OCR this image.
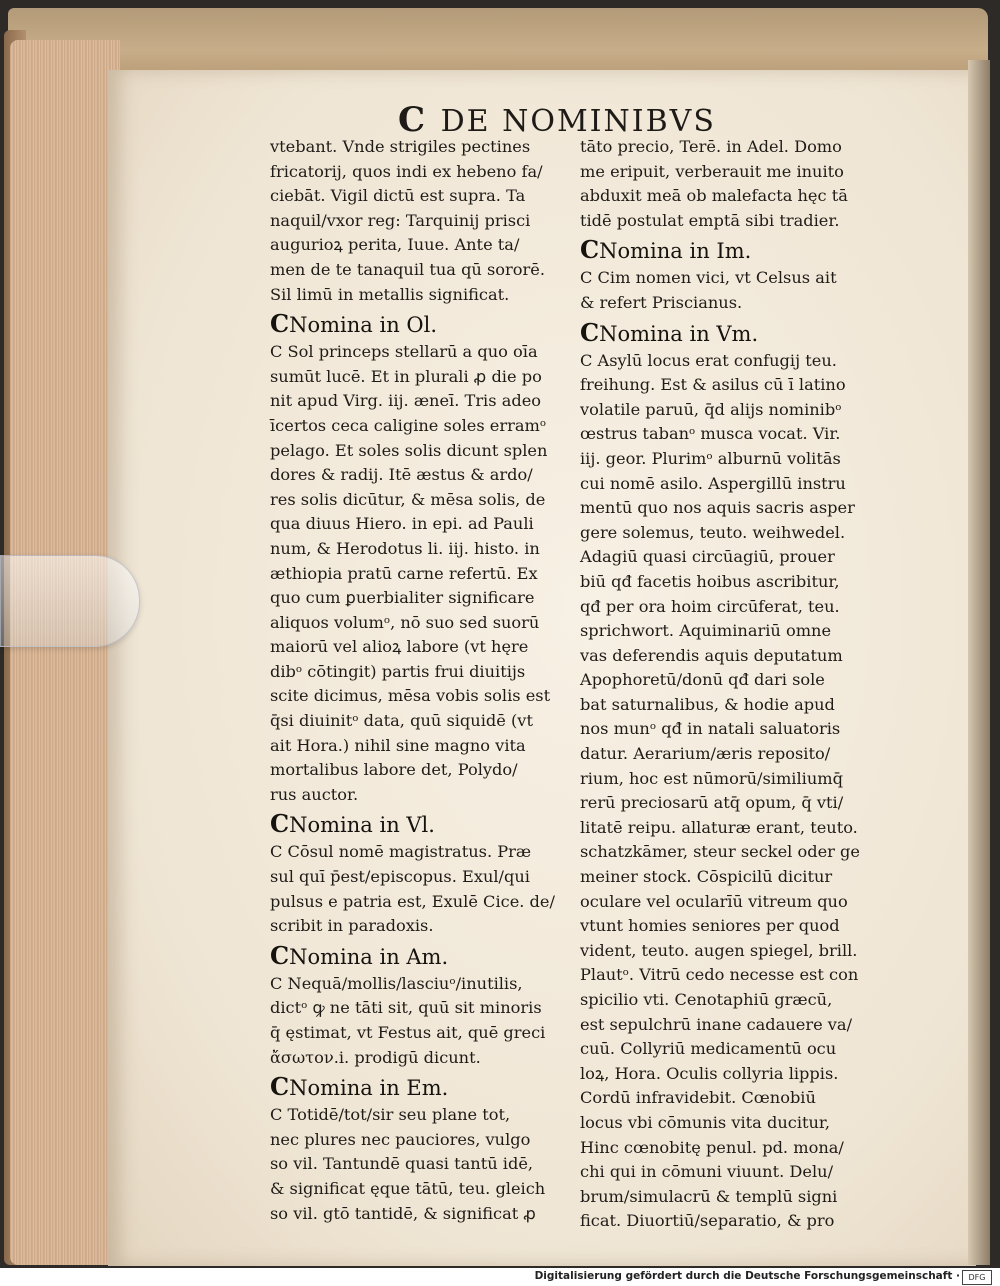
C DE NOMINIBVS
vtebant. Vnde strigiles pectines
fricatorij, quos indi ex hebeno fa/
ciebāt. Vigil dictū est supra. Ta
naquil/vxor reg: Tarquinij prisci
augurioꝝ perita, Iuue. Ante ta/
men de te tanaquil tua qū sororē.
Sil limū in metallis significat.
CNomina in Ol.
C Sol princeps stellarū a quo oīa
sumūt lucē. Et in plurali ꝓ die po
nit apud Virg. iij. æneī. Tris adeo
īcertos ceca caligine soles erramᵒ
pelago. Et soles solis dicunt splen
dores & radij. Itē æstus & ardo/
res solis dicūtur, & mēsa solis, de
qua diuus Hiero. in epi. ad Pauli
num, & Herodotus li. iij. histo. in
æthiopia pratū carne refertū. Ex
quo cum ꝑuerbialiter significare
aliquos volumᵒ, nō suo sed suorū
maiorū vel alioꝝ labore (vt hęre
dibᵒ cōtingit) partis frui diuitijs
scite dicimus, mēsa vobis solis est
q̄si diuinitᵒ data, quū siquidē (vt
ait Hora.) nihil sine magno vita
mortalibus labore det, Polydo/
rus auctor.
CNomina in Vl.
C Cōsul nomē magistratus. Præ
sul quī p̄est/episcopus. Exul/qui
pulsus e patria est, Exulē Cice. de/
scribit in paradoxis.
CNomina in Am.
C Nequā/mollis/lasciuᵒ/inutilis,
dictᵒ ꝙ ne tāti sit, quū sit minoris
q̄ ęstimat, vt Festus ait, quē greci
ἄσωτον.i. prodigū dicunt.
CNomina in Em.
C Totidē/tot/sir seu plane tot,
nec plures nec pauciores, vulgo
so vil. Tantundē quasi tantū idē,
& significat ęque tātū, teu. gleich
so vil. gtō tantidē, & significat ꝓ
tāto precio, Terē. in Adel. Domo
me eripuit, verberauit me inuito
abduxit meā ob malefacta hęc tā
tidē postulat emptā sibi tradier.
CNomina in Im.
C Cim nomen vici, vt Celsus ait
& refert Priscianus.
CNomina in Vm.
C Asylū locus erat confugij teu.
freihung. Est & asilus cū ī latino
volatile paruū, q̄d alijs nominibᵒ
œstrus tabanᵒ musca vocat. Vir.
iij. geor. Plurimᵒ alburnū volitās
cui nomē asilo. Aspergillū instru
mentū quo nos aquis sacris asper
gere solemus, teuto. weihwedel.
Adagiū quasi circūagiū, prouer
biū qđ facetis hoibus ascribitur,
qđ per ora hoim circūferat, teu.
sprichwort. Aquiminariū omne
vas deferendis aquis deputatum
Apophoretū/donū qđ dari sole
bat saturnalibus, & hodie apud
nos munᵒ qđ in natali saluatoris
datur. Aerarium/æris reposito/
rium, hoc est nūmorū/similiumq̄
rerū preciosarū atq̄ opum, q̄ vti/
litatē reipu. allaturæ erant, teuto.
schatzkāmer, steur seckel oder ge
meiner stock. Cōspicilū dicitur
oculare vel ocularīū vitreum quo
vtunt homies seniores per quod
vident, teuto. augen spiegel, brill.
Plautᵒ. Vitrū cedo necesse est con
spicilio vti. Cenotaphiū græcū,
est sepulchrū inane cadauere va/
cuū. Collyriū medicamentū ocu
loꝝ, Hora. Oculis collyria lippis.
Cordū infravidebit. Cœnobiū
locus vbi cōmunis vita ducitur,
Hinc cœnobitę penul. pd. mona/
chi qui in cōmuni viuunt. Delu/
brum/simulacrū & templū signi
ficat. Diuortiū/separatio, & pro
Digitalisierung gefördert durch die Deutsche Forschungsgemeinschaft ·	DFG
